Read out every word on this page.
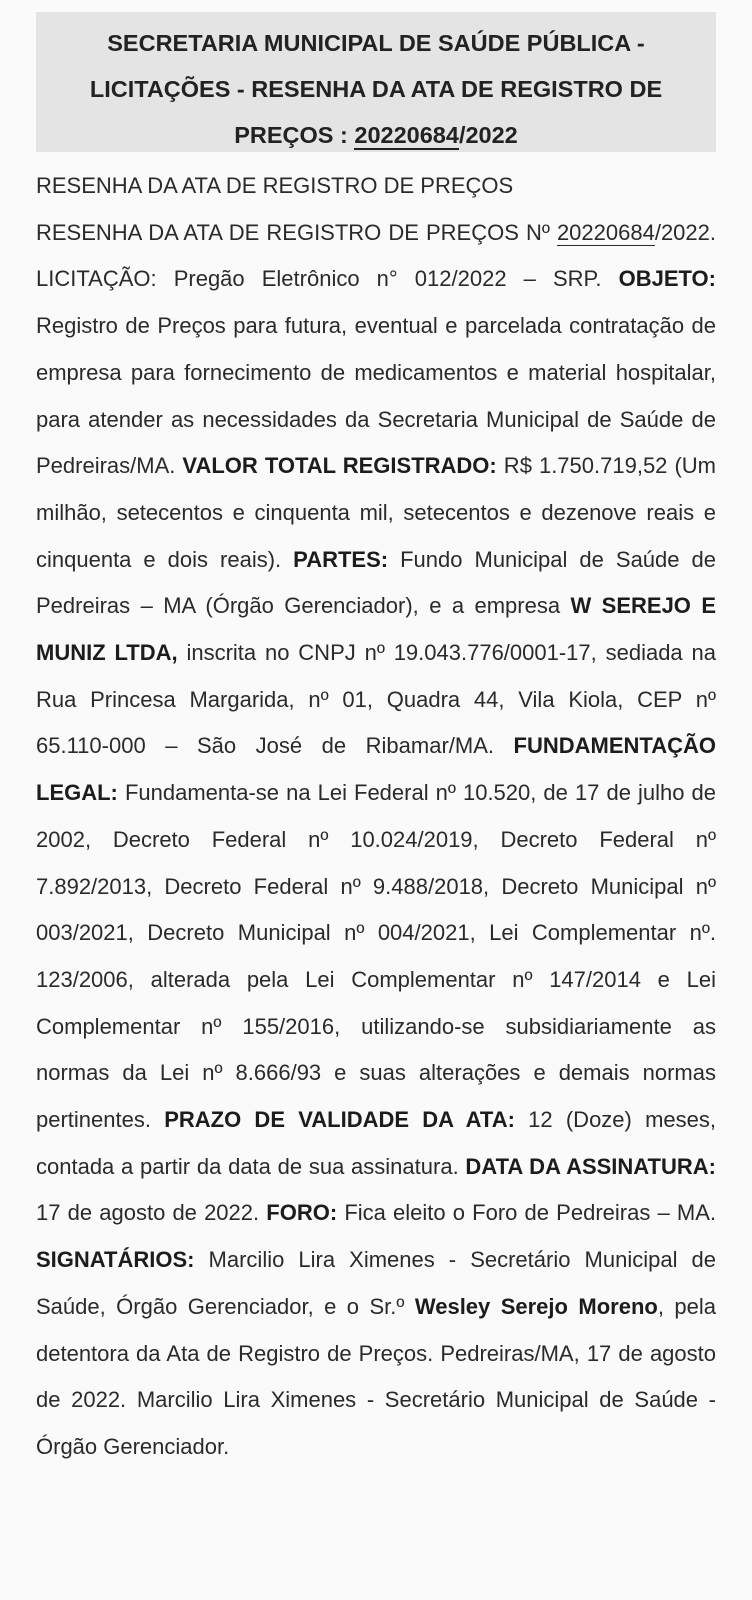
SECRETARIA MUNICIPAL DE SAÚDE PÚBLICA -
LICITAÇÕES - RESENHA DA ATA DE REGISTRO DE
PREÇOS : 20220684/2022

RESENHA DA ATA DE REGISTRO DE PREÇOS

RESENHA DA ATA DE REGISTRO DE PREÇOS Nº 20220684/2022. LICITAÇÃO: Pregão Eletrônico n° 012/2022 – SRP. OBJETO: Registro de Preços para futura, eventual e parcelada contratação de empresa para fornecimento de medicamentos e material hospitalar, para atender as necessidades da Secretaria Municipal de Saúde de Pedreiras/MA. VALOR TOTAL REGISTRADO: R$ 1.750.719,52 (Um milhão, setecentos e cinquenta mil, setecentos e dezenove reais e cinquenta e dois reais). PARTES: Fundo Municipal de Saúde de Pedreiras – MA (Órgão Gerenciador), e a empresa W SEREJO E MUNIZ LTDA, inscrita no CNPJ nº 19.043.776/0001-17, sediada na Rua Princesa Margarida, nº 01, Quadra 44, Vila Kiola, CEP nº 65.110-000 – São José de Ribamar/MA. FUNDAMENTAÇÃO LEGAL: Fundamenta-se na Lei Federal nº 10.520, de 17 de julho de 2002, Decreto Federal nº 10.024/2019, Decreto Federal nº 7.892/2013, Decreto Federal nº 9.488/2018, Decreto Municipal nº 003/2021, Decreto Municipal nº 004/2021, Lei Complementar nº. 123/2006, alterada pela Lei Complementar nº 147/2014 e Lei Complementar nº 155/2016, utilizando-se subsidiariamente as normas da Lei nº 8.666/93 e suas alterações e demais normas pertinentes. PRAZO DE VALIDADE DA ATA: 12 (Doze) meses, contada a partir da data de sua assinatura. DATA DA ASSINATURA: 17 de agosto de 2022. FORO: Fica eleito o Foro de Pedreiras – MA. SIGNATÁRIOS: Marcilio Lira Ximenes - Secretário Municipal de Saúde, Órgão Gerenciador, e o Sr.º Wesley Serejo Moreno, pela detentora da Ata de Registro de Preços. Pedreiras/MA, 17 de agosto de 2022. Marcilio Lira Ximenes - Secretário Municipal de Saúde - Órgão Gerenciador.
